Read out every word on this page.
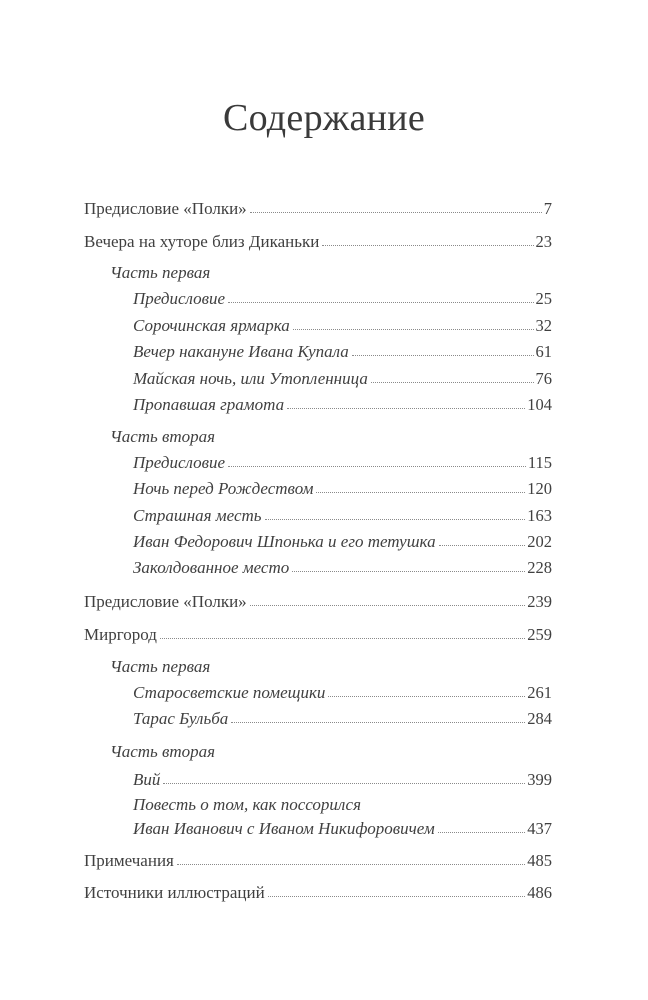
Содержание
Предисловие «Полки»	7
Вечера на хуторе близ Диканьки	23
Часть первая
Предисловие	25
Сорочинская ярмарка	32
Вечер накануне Ивана Купала	61
Майская ночь, или Утопленница	76
Пропавшая грамота	104
Часть вторая
Предисловие	115
Ночь перед Рождеством	120
Страшная месть	163
Иван Федорович Шпонька и его тетушка	202
Заколдованное место	228
Предисловие «Полки»	239
Миргород	259
Часть первая
Старосветские помещики	261
Тарас Бульба	284
Часть вторая
Вий	399
Повесть о том, как поссорился
Иван Иванович с Иваном Никифоровичем	437
Примечания	485
Источники иллюстраций	486
